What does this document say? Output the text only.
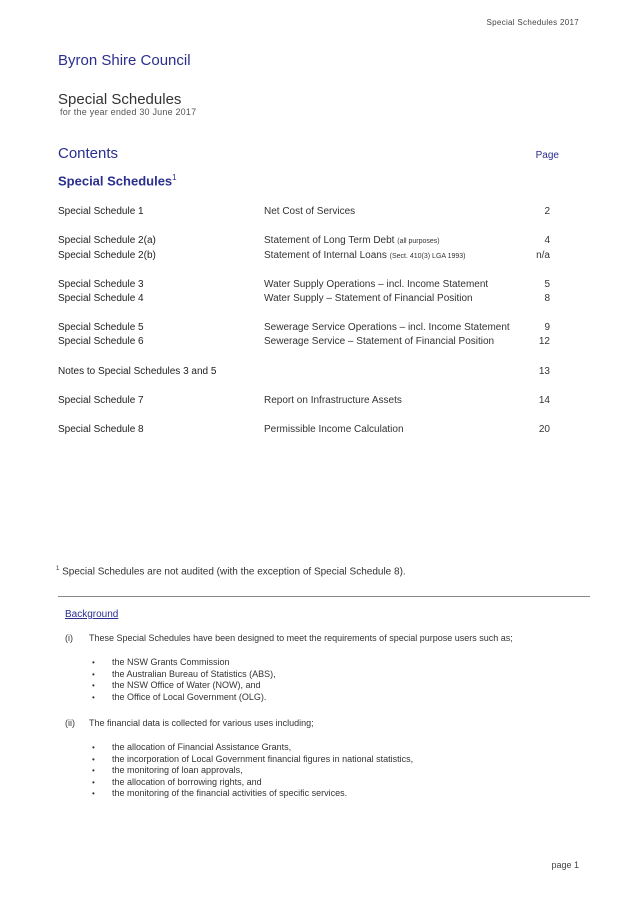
Special Schedules 2017
Byron Shire Council
Special Schedules
for the year ended 30 June 2017
Contents	Page
Special Schedules$^1$
Special Schedule 1	Net Cost of Services	2
Special Schedule 2(a)	Statement of Long Term Debt (all purposes)	4
Special Schedule 2(b)	Statement of Internal Loans (Sect. 410(3) LGA 1993)	n/a
Special Schedule 3	Water Supply Operations – incl. Income Statement	5
Special Schedule 4	Water Supply – Statement of Financial Position	8
Special Schedule 5	Sewerage Service Operations – incl. Income Statement	9
Special Schedule 6	Sewerage Service – Statement of Financial Position	12
Notes to Special Schedules 3 and 5	13
Special Schedule 7	Report on Infrastructure Assets	14
Special Schedule 8	Permissible Income Calculation	20
$^1$ Special Schedules are not audited (with the exception of Special Schedule 8).
Background
(i) These Special Schedules have been designed to meet the requirements of special purpose users such as;
• the NSW Grants Commission
• the Australian Bureau of Statistics (ABS),
• the NSW Office of Water (NOW), and
• the Office of Local Government (OLG).
(ii) The financial data is collected for various uses including;
• the allocation of Financial Assistance Grants,
• the incorporation of Local Government financial figures in national statistics,
• the monitoring of loan approvals,
• the allocation of borrowing rights, and
• the monitoring of the financial activities of specific services.
page 1
